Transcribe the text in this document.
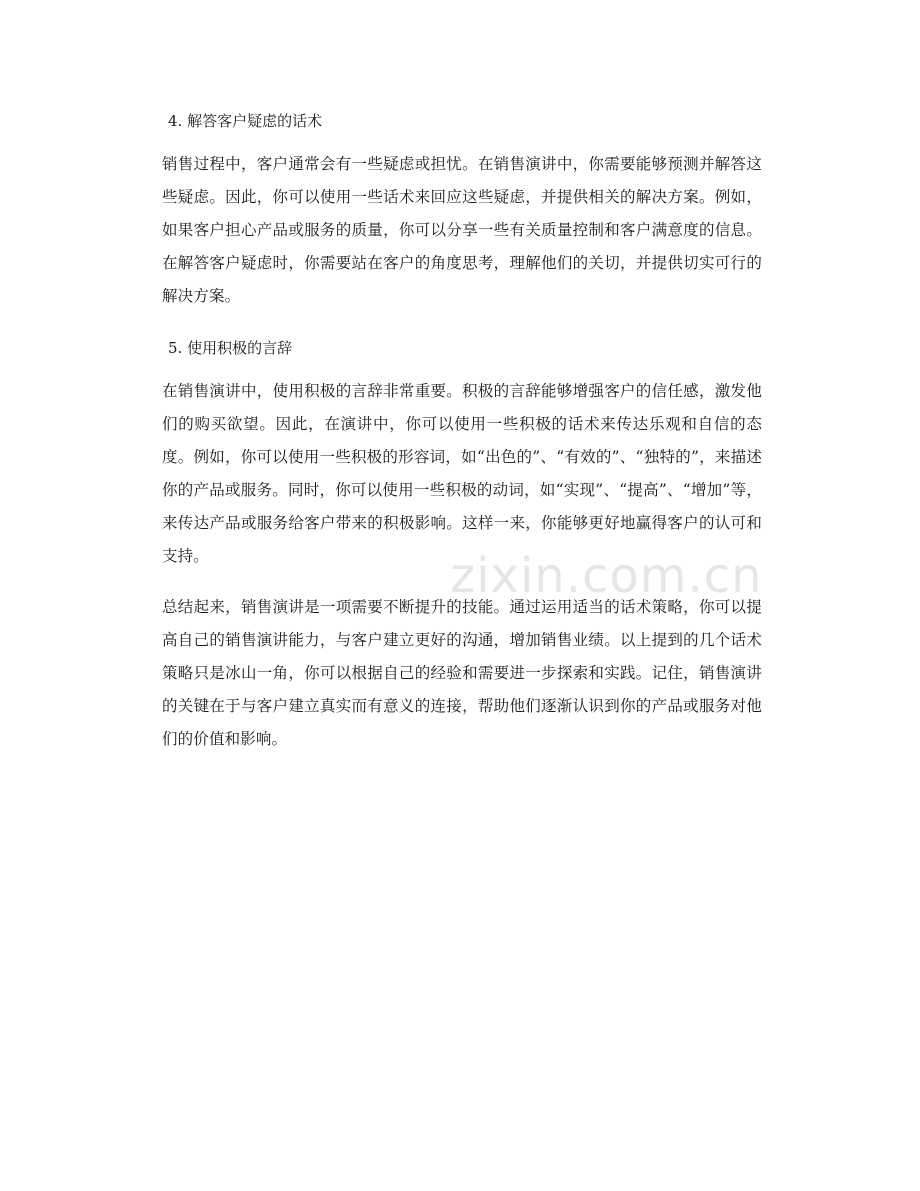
zixin.com.cn
4. 解答客户疑虑的话术

销售过程中，客户通常会有一些疑虑或担忧。在销售演讲中，你需要能够预测并解答这些疑虑。因此，你可以使用一些话术来回应这些疑虑，并提供相关的解决方案。例如，如果客户担心产品或服务的质量，你可以分享一些有关质量控制和客户满意度的信息。在解答客户疑虑时，你需要站在客户的角度思考，理解他们的关切，并提供切实可行的解决方案。

5. 使用积极的言辞

在销售演讲中，使用积极的言辞非常重要。积极的言辞能够增强客户的信任感，激发他们的购买欲望。因此，在演讲中，你可以使用一些积极的话术来传达乐观和自信的态度。例如，你可以使用一些积极的形容词，如“出色的”、“有效的”、“独特的”，来描述你的产品或服务。同时，你可以使用一些积极的动词，如“实现”、“提高”、“增加”等，来传达产品或服务给客户带来的积极影响。这样一来，你能够更好地赢得客户的认可和支持。

总结起来，销售演讲是一项需要不断提升的技能。通过运用适当的话术策略，你可以提高自己的销售演讲能力，与客户建立更好的沟通，增加销售业绩。以上提到的几个话术策略只是冰山一角，你可以根据自己的经验和需要进一步探索和实践。记住，销售演讲的关键在于与客户建立真实而有意义的连接，帮助他们逐渐认识到你的产品或服务对他们的价值和影响。
